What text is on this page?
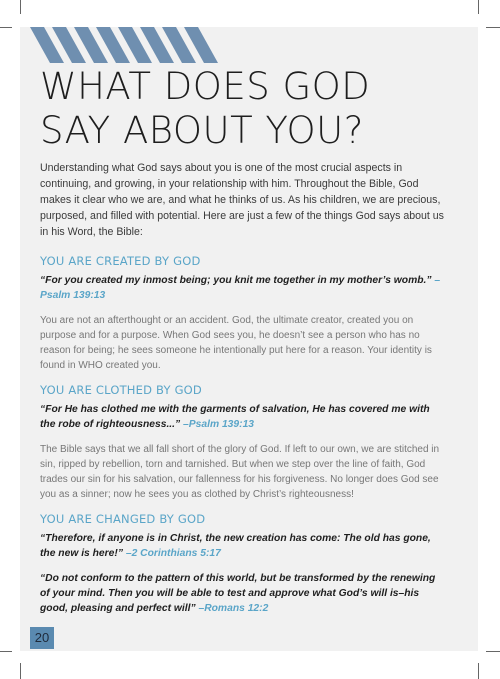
WHAT DOES GOD
SAY ABOUT YOU?

Understanding what God says about you is one of the most crucial aspects in continuing, and growing, in your relationship with him. Throughout the Bible, God makes it clear who we are, and what he thinks of us. As his children, we are precious, purposed, and filled with potential. Here are just a few of the things God says about us in his Word, the Bible:

YOU ARE CREATED BY GOD

“For you created my inmost being; you knit me together in my mother’s womb.” –Psalm 139:13

You are not an afterthought or an accident. God, the ultimate creator, created you on purpose and for a purpose. When God sees you, he doesn’t see a person who has no reason for being; he sees someone he intentionally put here for a reason. Your identity is found in WHO created you.

YOU ARE CLOTHED BY GOD

“For He has clothed me with the garments of salvation, He has covered me with the robe of righteousness...” –Psalm 139:13

The Bible says that we all fall short of the glory of God. If left to our own, we are stitched in sin, ripped by rebellion, torn and tarnished. But when we step over the line of faith, God trades our sin for his salvation, our fallenness for his forgiveness. No longer does God see you as a sinner; now he sees you as clothed by Christ’s righteousness!

YOU ARE CHANGED BY GOD

“Therefore, if anyone is in Christ, the new creation has come: The old has gone, the new is here!” –2 Corinthians 5:17

“Do not conform to the pattern of this world, but be transformed by the renewing of your mind. Then you will be able to test and approve what God’s will is–his good, pleasing and perfect will” –Romans 12:2

20
